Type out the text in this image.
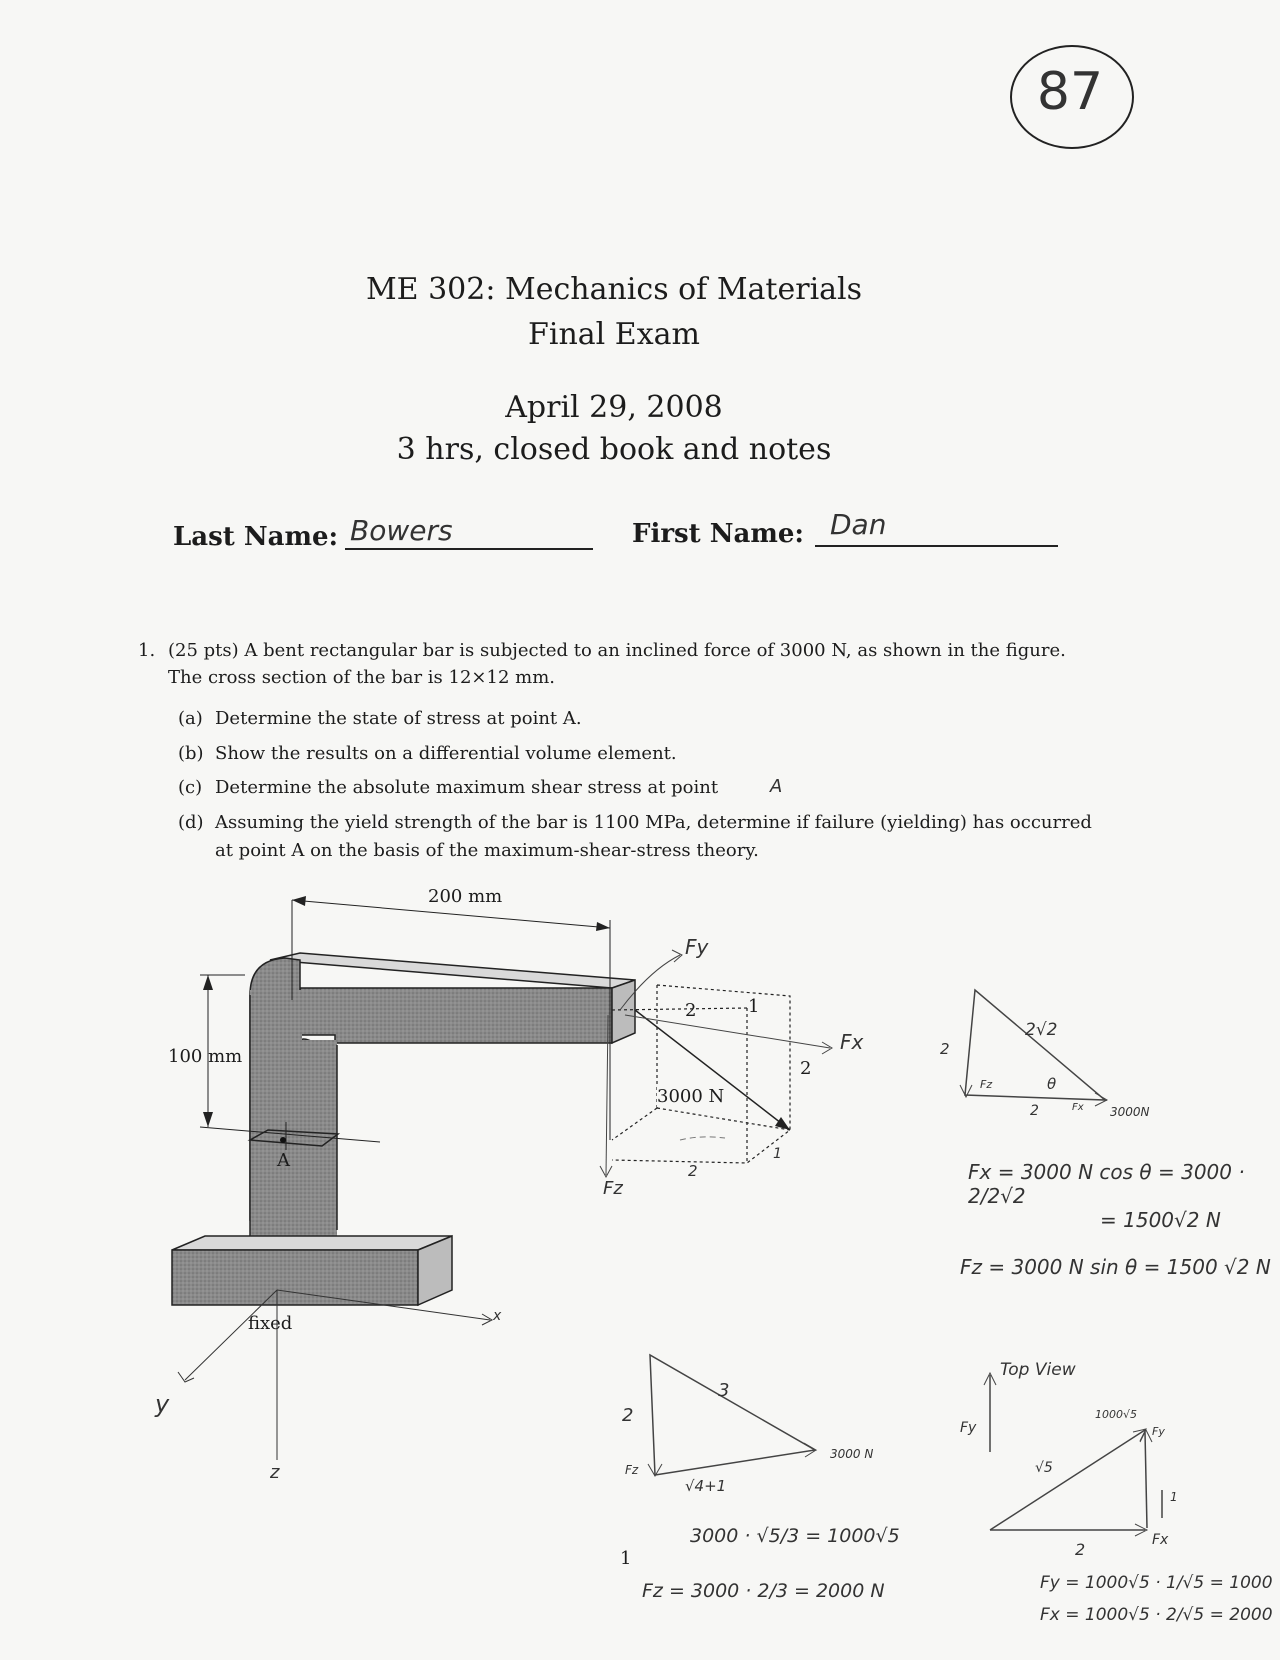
87
ME 302: Mechanics of Materials
Final Exam
April 29, 2008
3 hrs, closed book and notes
Last Name: Bowers	First Name: Dan
1. (25 pts) A bent rectangular bar is subjected to an inclined force of 3000 N, as shown in the figure.
The cross section of the bar is 12×12 mm.
(a) Determine the state of stress at point A.
(b) Show the results on a differential volume element.
(c) Determine the absolute maximum shear stress at point	A
(d) Assuming the yield strength of the bar is 1100 MPa, determine if failure (yielding) has occurred
at point A on the basis of the maximum-shear-stress theory.
200 mm
100 mm
3000 N
A
fixed
2	1
2
2
1
Fy
Fx
Fz
y
z
x
2√2
2
2
θ
Fz
Fx 3000N
Fx = 3000 N cos θ = 3000 · 2/2√2
= 1500√2 N
Fz = 3000 N sin θ = 1500 √2 N
3
2
Fz
√4+1
3000 N
3000 · √5/3 = 1000√5
Fz = 3000 · 2/3 = 2000 N
Top View
Fy
Fx
√5
1000√5
Fy
1
2
Fy = 1000√5 · 1/√5 = 1000
Fx = 1000√5 · 2/√5 = 2000
1
